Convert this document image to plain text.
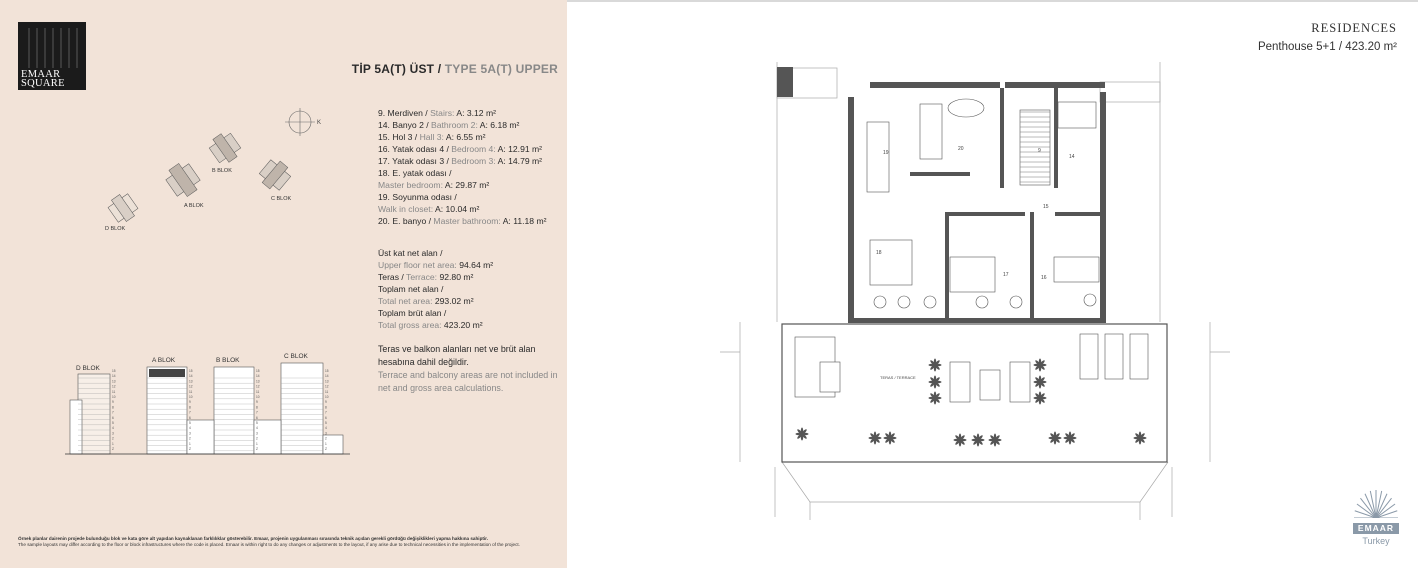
EMAAR
SQUARE
TİP 5A(T) ÜST / TYPE 5A(T) UPPER
K
A BLOK
B BLOK
C BLOK
D BLOK
D BLOK
A BLOK	B BLOK
C BLOK
15
14
13
12
11
10
9
8
7
6
5
4
3
2
1
Z
15
14
13
12
11
10
9
8
7
6
5
4
3
2
1
Z
15
14
13
12
11
10
9
8
7
6
5
4
3
2
1
Z
15
14
13
12
11
10
9
8
7
6
5
4
3
2
1
Z
9. Merdiven / Stairs: A: 3.12 m²
14. Banyo 2 / Bathroom 2: A: 6.18 m²
15. Hol 3 / Hall 3: A: 6.55 m²
16. Yatak odası 4 / Bedroom 4: A: 12.91 m²
17. Yatak odası 3 / Bedroom 3: A: 14.79 m²
18. E. yatak odası /
Master bedroom: A: 29.87 m²
19. Soyunma odası /
Walk in closet: A: 10.04 m²
20. E. banyo / Master bathroom: A: 11.18 m²
Üst kat net alan /
Upper floor net area: 94.64 m²
Teras / Terrace: 92.80 m²
Toplam net alan /
Total net area: 293.02 m²
Toplam brüt alan /
Total gross area: 423.20 m²
Teras ve balkon alanları net ve brüt alan hesabına dahil değildir.
Terrace and balcony areas are not included in net and gross area calculations.
Örnek planlar dairenin projede bulunduğu blok ve kata göre alt yapıdan kaynaklanan farklılıklar gösterebilir. Emaar, projenin uygulanması sırasında teknik açıdan gerekli gördüğü değişiklikleri yapma hakkına sahiptir.
The sample layouts may differ according to the floor or block infrastructures where the code is placed. Emaar is within right to do any changes or adjustments to the layout, if any arise due to technical necessities in the implementation of the project.
RESIDENCES
Penthouse 5+1 / 423.20 m²
19
20	9
14
15
18
17	16
TERAS / TERRACE
EMAAR
Turkey
